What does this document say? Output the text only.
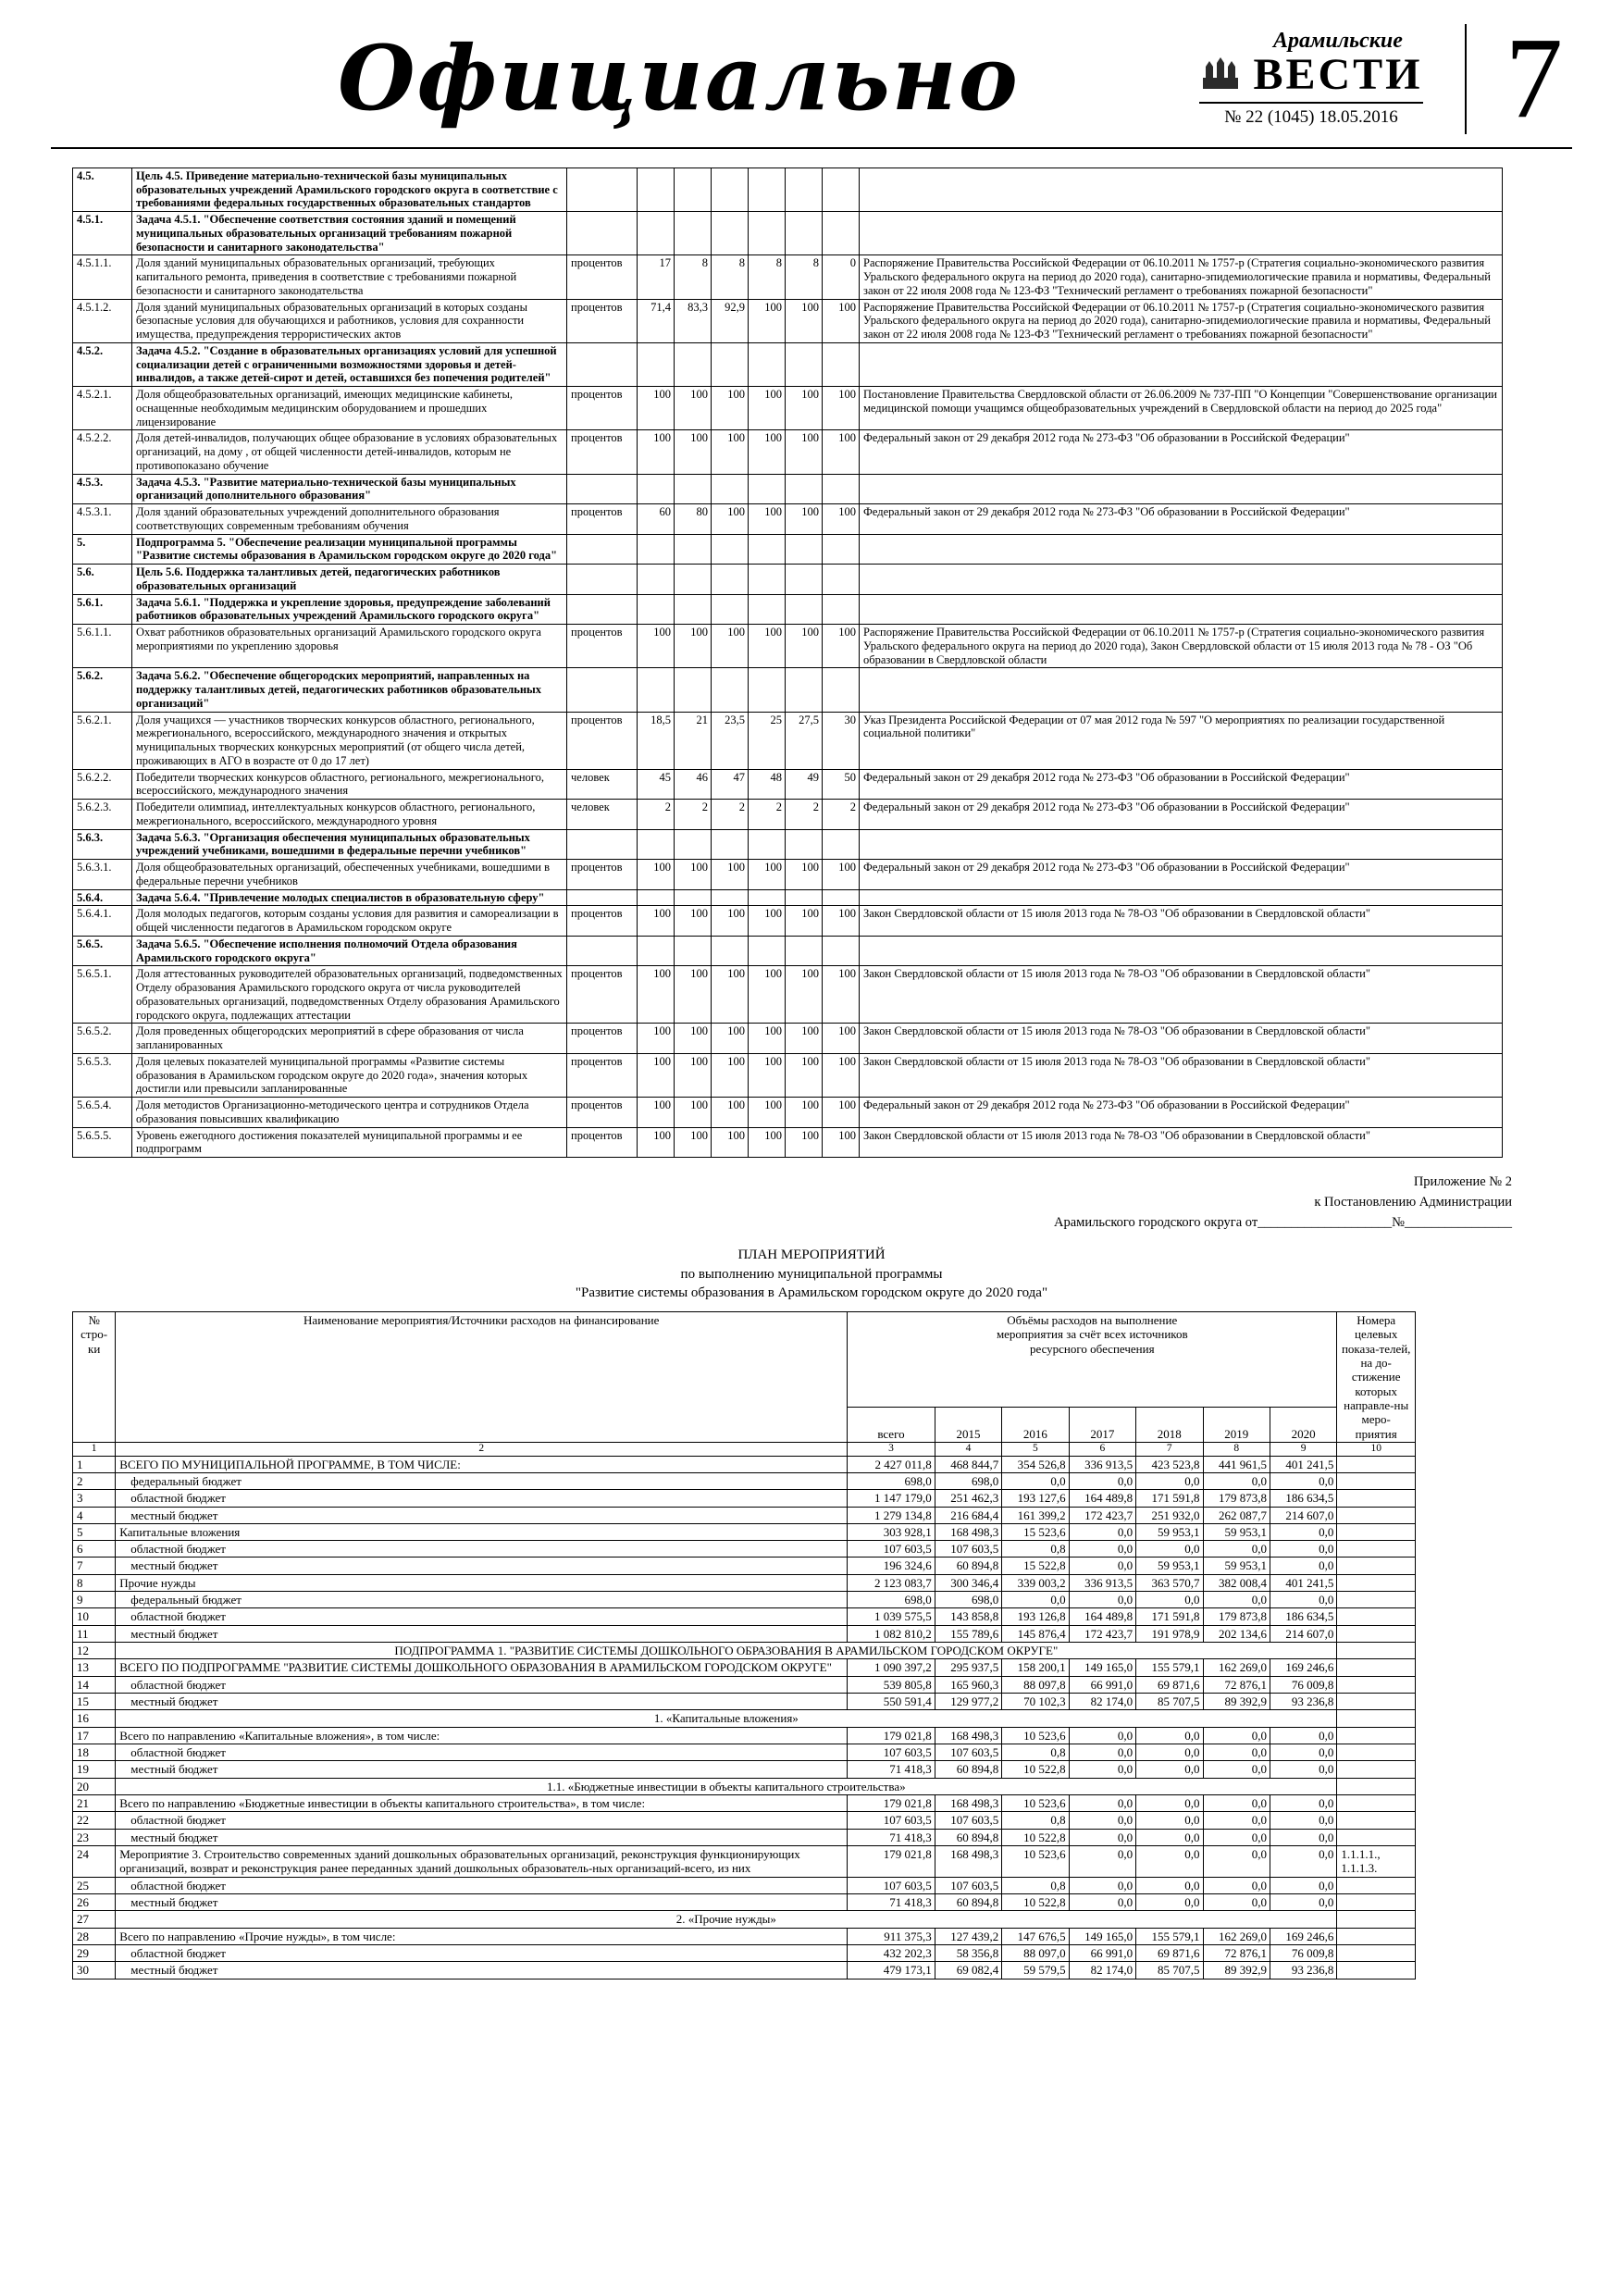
Официально	Арамильские
ВЕСТИ
№ 22 (1045) 18.05.2016 7
4.5.	Цель 4.5. Приведение материально-технической базы муниципальных образовательных учреждений Арамильского городского округа в соответствие с требованиями федеральных государственных образовательных стандартов								
4.5.1.	Задача 4.5.1. "Обеспечение соответствия состояния зданий и помещений муниципальных образовательных организаций требованиям пожарной безопасности и санитарного законодательства"								
4.5.1.1.	Доля зданий муниципальных образовательных организаций, требующих капитального ремонта, приведения в соответствие с требованиями пожарной безопасности и санитарного законодательства	процентов	17	8	8	8	8	0	Распоряжение Правительства Российской Федерации от 06.10.2011 № 1757-р (Стратегия социально-экономического развития Уральского федерального округа на период до 2020 года), санитарно-эпидемиологические правила и нормативы, Федеральный закон от 22 июля 2008 года № 123-ФЗ "Технический регламент о требованиях пожарной безопасности"
4.5.1.2.	Доля зданий муниципальных образовательных организаций в которых созданы безопасные условия для обучающихся и работников, условия для сохранности имущества, предупреждения террористических актов	процентов	71,4	83,3	92,9	100	100	100	Распоряжение Правительства Российской Федерации от 06.10.2011 № 1757-р (Стратегия социально-экономического развития Уральского федерального округа на период до 2020 года), санитарно-эпидемиологические правила и нормативы, Федеральный закон от 22 июля 2008 года № 123-ФЗ "Технический регламент о требованиях пожарной безопасности"
4.5.2.	Задача 4.5.2. "Создание в образовательных организациях условий для успешной социализации детей с ограниченными возможностями здоровья и детей-инвалидов, а также детей-сирот и детей, оставшихся без попечения родителей"								
4.5.2.1.	Доля общеобразовательных организаций, имеющих медицинские кабинеты, оснащенные необходимым медицинским оборудованием и прошедших лицензирование	процентов	100	100	100	100	100	100	Постановление Правительства Свердловской области от 26.06.2009 № 737-ПП "О Концепции "Совершенствование организации медицинской помощи учащимся общеобразовательных учреждений в Свердловской области на период до 2025 года"
4.5.2.2.	Доля детей-инвалидов, получающих общее образование в условиях образовательных организаций, на дому , от общей численности детей-инвалидов, которым не противопоказано обучение	процентов	100	100	100	100	100	100	Федеральный закон от 29 декабря 2012 года № 273-ФЗ "Об образовании в Российской Федерации"
4.5.3.	Задача 4.5.3. "Развитие материально-технической базы муниципальных организаций дополнительного образования"								
4.5.3.1.	Доля зданий образовательных учреждений дополнительного образования соответствующих современным требованиям обучения	процентов	60	80	100	100	100	100	Федеральный закон от 29 декабря 2012 года № 273-ФЗ "Об образовании в Российской Федерации"
5.	Подпрограмма 5. "Обеспечение реализации муниципальной программы "Развитие системы образования в Арамильском городском округе до 2020 года"								
5.6.	Цель 5.6. Поддержка талантливых детей, педагогических работников образовательных организаций								
5.6.1.	Задача 5.6.1. "Поддержка и укрепление здоровья, предупреждение заболеваний работников образовательных учреждений Арамильского городского округа"								
5.6.1.1.	Охват работников образовательных организаций Арамильского городского округа мероприятиями по укреплению здоровья	процентов	100	100	100	100	100	100	Распоряжение Правительства Российской Федерации от 06.10.2011 № 1757-р (Стратегия социально-экономического развития Уральского федерального округа на период до 2020 года), Закон Свердловской области от 15 июля 2013 года № 78 - ОЗ "Об образовании в Свердловской области
5.6.2.	Задача 5.6.2. "Обеспечение общегородских мероприятий, направленных на поддержку талантливых детей, педагогических работников образовательных организаций"								
5.6.2.1.	Доля учащихся — участников творческих конкурсов областного, регионального, межрегионального, всероссийского, международного значения и открытых муниципальных творческих конкурсных мероприятий (от общего числа детей, проживающих в АГО в возрасте от 0 до 17 лет)	процентов	18,5	21	23,5	25	27,5	30	Указ Президента Российской Федерации от 07 мая 2012 года № 597 "О мероприятиях по реализации государственной социальной политики"
5.6.2.2.	Победители творческих конкурсов областного, регионального, межрегионального, всероссийского, международного значения	человек	45	46	47	48	49	50	Федеральный закон от 29 декабря 2012 года № 273-ФЗ "Об образовании в Российской Федерации"
5.6.2.3.	Победители олимпиад, интеллектуальных конкурсов областного, регионального, межрегионального, всероссийского, международного уровня	человек	2	2	2	2	2	2	Федеральный закон от 29 декабря 2012 года № 273-ФЗ "Об образовании в Российской Федерации"
5.6.3.	Задача 5.6.3. "Организация обеспечения муниципальных образовательных учреждений учебниками, вошедшими в федеральные перечни учебников"								
5.6.3.1.	Доля общеобразовательных организаций, обеспеченных учебниками, вошедшими в федеральные перечни учебников	процентов	100	100	100	100	100	100	Федеральный закон от 29 декабря 2012 года № 273-ФЗ "Об образовании в Российской Федерации"
5.6.4.	Задача 5.6.4. "Привлечение молодых специалистов в образовательную сферу"								
5.6.4.1.	Доля молодых педагогов, которым созданы условия для развития и самореализации в общей численности педагогов в Арамильском городском округе	процентов	100	100	100	100	100	100	Закон Свердловской области от 15 июля 2013 года № 78-ОЗ "Об образовании в Свердловской области"
5.6.5.	Задача 5.6.5. "Обеспечение исполнения полномочий Отдела образования Арамильского городского округа"								
5.6.5.1.	Доля аттестованных руководителей образовательных организаций, подведомственных Отделу образования Арамильского городского округа от числа руководителей образовательных организаций, подведомственных Отделу образования Арамильского городского округа, подлежащих аттестации	процентов	100	100	100	100	100	100	Закон Свердловской области от 15 июля 2013 года № 78-ОЗ "Об образовании в Свердловской области"
5.6.5.2.	Доля проведенных общегородских мероприятий в сфере образования от числа запланированных	процентов	100	100	100	100	100	100	Закон Свердловской области от 15 июля 2013 года № 78-ОЗ "Об образовании в Свердловской области"
5.6.5.3.	Доля целевых показателей муниципальной программы «Развитие системы образования в Арамильском городском округе до 2020 года», значения которых достигли или превысили запланированные	процентов	100	100	100	100	100	100	Закон Свердловской области от 15 июля 2013 года № 78-ОЗ "Об образовании в Свердловской области"
5.6.5.4.	Доля методистов Организационно-методического центра и сотрудников Отдела образования повысивших квалификацию	процентов	100	100	100	100	100	100	Федеральный закон от 29 декабря 2012 года № 273-ФЗ "Об образовании в Российской Федерации"
5.6.5.5.	Уровень ежегодного достижения показателей муниципальной программы и ее подпрограмм	процентов	100	100	100	100	100	100	Закон Свердловской области от 15 июля 2013 года № 78-ОЗ "Об образовании в Свердловской области"
Приложение № 2
к Постановлению Администрации
Арамильского городского округа от____________________№________________
ПЛАН МЕРОПРИЯТИЙ
по выполнению муниципальной программы
"Развитие системы образования в Арамильском городском округе до 2020 года"
№ стро-ки	Наименование мероприятия/Источники расходов на финансирование	Объёмы расходов на выполнение мероприятия за счёт всех источников ресурсного обеспечения							Номера целевых показа-телей, на до-стижение которых направле-ны меро-приятия
		всего	2015	2016	2017	2018	2019	2020	
1	2	3	4	5	6	7	8	9	10
1	ВСЕГО ПО МУНИЦИПАЛЬНОЙ ПРОГРАММЕ, В ТОМ ЧИСЛЕ:	2 427 011,8	468 844,7	354 526,8	336 913,5	423 523,8	441 961,5	401 241,5	
2	федеральный бюджет	698,0	698,0	0,0	0,0	0,0	0,0	0,0	
3	областной бюджет	1 147 179,0	251 462,3	193 127,6	164 489,8	171 591,8	179 873,8	186 634,5	
4	местный бюджет	1 279 134,8	216 684,4	161 399,2	172 423,7	251 932,0	262 087,7	214 607,0	
5	Капитальные вложения	303 928,1	168 498,3	15 523,6	0,0	59 953,1	59 953,1	0,0	
6	областной бюджет	107 603,5	107 603,5	0,8	0,0	0,0	0,0	0,0	
7	местный бюджет	196 324,6	60 894,8	15 522,8	0,0	59 953,1	59 953,1	0,0	
8	Прочие нужды	2 123 083,7	300 346,4	339 003,2	336 913,5	363 570,7	382 008,4	401 241,5	
9	федеральный бюджет	698,0	698,0	0,0	0,0	0,0	0,0	0,0	
10	областной бюджет	1 039 575,5	143 858,8	193 126,8	164 489,8	171 591,8	179 873,8	186 634,5	
11	местный бюджет	1 082 810,2	155 789,6	145 876,4	172 423,7	191 978,9	202 134,6	214 607,0	
12	ПОДПРОГРАММА 1. "РАЗВИТИЕ СИСТЕМЫ ДОШКОЛЬНОГО ОБРАЗОВАНИЯ В АРАМИЛЬСКОМ ГОРОДСКОМ ОКРУГЕ"								
13	ВСЕГО ПО ПОДПРОГРАММЕ "РАЗВИТИЕ СИСТЕМЫ ДОШКОЛЬНОГО ОБРАЗОВАНИЯ В АРАМИЛЬСКОМ ГОРОДСКОМ ОКРУГЕ"	1 090 397,2	295 937,5	158 200,1	149 165,0	155 579,1	162 269,0	169 246,6	
14	областной бюджет	539 805,8	165 960,3	88 097,8	66 991,0	69 871,6	72 876,1	76 009,8	
15	местный бюджет	550 591,4	129 977,2	70 102,3	82 174,0	85 707,5	89 392,9	93 236,8	
16	1. «Капитальные вложения»								
17	Всего по направлению «Капитальные вложения», в том числе:	179 021,8	168 498,3	10 523,6	0,0	0,0	0,0	0,0	
18	областной бюджет	107 603,5	107 603,5	0,8	0,0	0,0	0,0	0,0	
19	местный бюджет	71 418,3	60 894,8	10 522,8	0,0	0,0	0,0	0,0	
20	1.1. «Бюджетные инвестиции в объекты капитального строительства»								
21	Всего по направлению «Бюджетные инвестиции в объекты капитального строительства», в том числе:	179 021,8	168 498,3	10 523,6	0,0	0,0	0,0	0,0	
22	областной бюджет	107 603,5	107 603,5	0,8	0,0	0,0	0,0	0,0	
23	местный бюджет	71 418,3	60 894,8	10 522,8	0,0	0,0	0,0	0,0	
24	Мероприятие 3. Строительство современных зданий дошкольных образовательных организаций, реконструкция функционирующих организаций, возврат и реконструкция ранее переданных зданий дошкольных образователь-ных организаций-всего, из них	179 021,8	168 498,3	10 523,6	0,0	0,0	0,0	0,0	1.1.1.1., 1.1.1.3.
25	областной бюджет	107 603,5	107 603,5	0,8	0,0	0,0	0,0	0,0	
26	местный бюджет	71 418,3	60 894,8	10 522,8	0,0	0,0	0,0	0,0	
27	2. «Прочие нужды»								
28	Всего по направлению «Прочие нужды», в том числе:	911 375,3	127 439,2	147 676,5	149 165,0	155 579,1	162 269,0	169 246,6	
29	областной бюджет	432 202,3	58 356,8	88 097,0	66 991,0	69 871,6	72 876,1	76 009,8	
30	местный бюджет	479 173,1	69 082,4	59 579,5	82 174,0	85 707,5	89 392,9	93 236,8	
